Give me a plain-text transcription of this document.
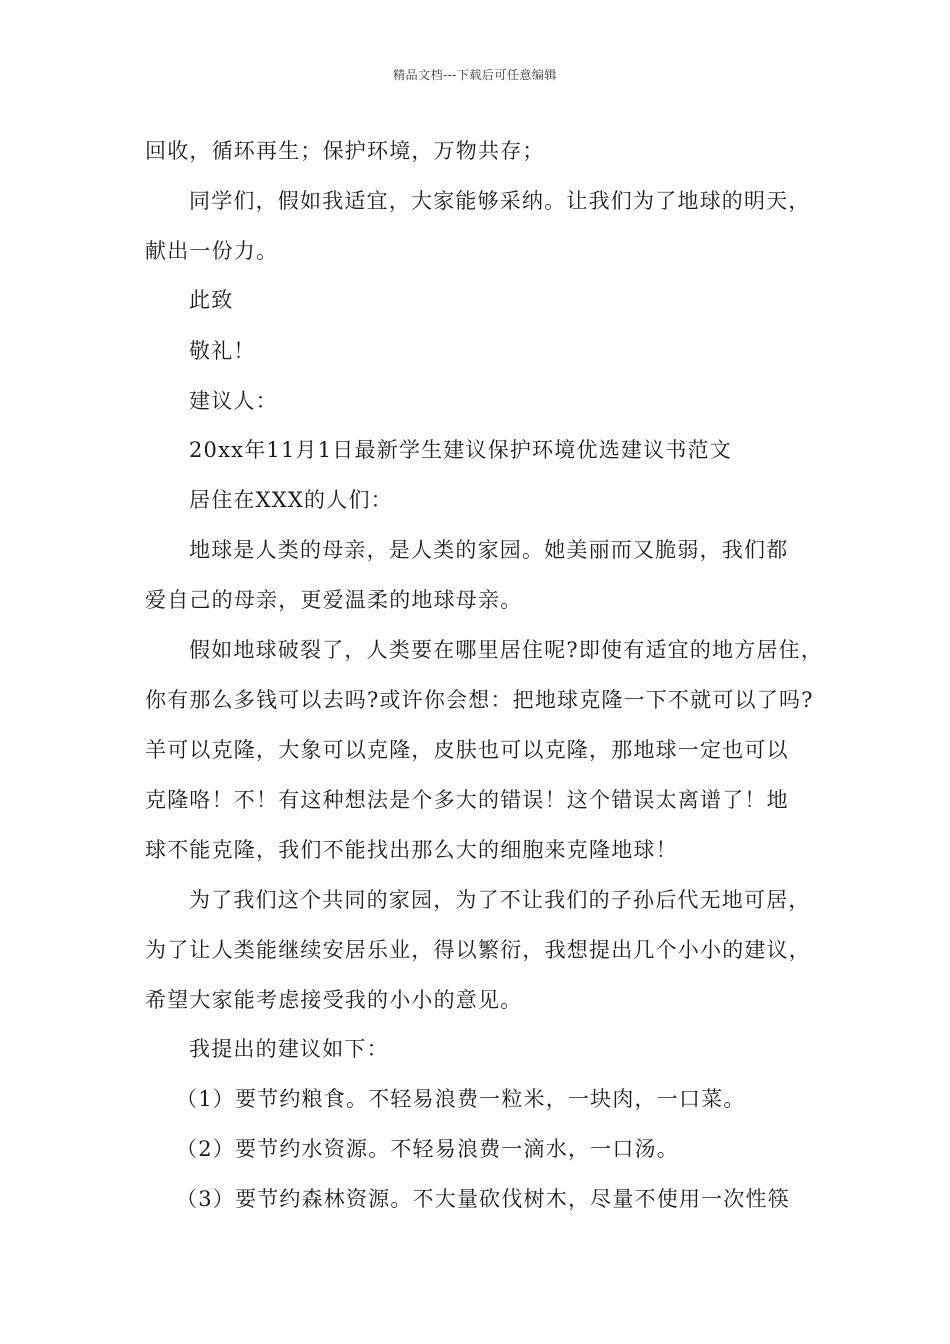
精品文档---下载后可任意编辑
回收，循环再生；保护环境，万物共存；
同学们，假如我适宜，大家能够采纳。让我们为了地球的明天，
献出一份力。
此致
敬礼！
建议人：
20xx年11月1日最新学生建议保护环境优选建议书范文
居住在XXX的人们：
地球是人类的母亲，是人类的家园。她美丽而又脆弱，我们都
爱自己的母亲，更爱温柔的地球母亲。
假如地球破裂了，人类要在哪里居住呢?即使有适宜的地方居住，
你有那么多钱可以去吗?或许你会想：把地球克隆一下不就可以了吗?
羊可以克隆，大象可以克隆，皮肤也可以克隆，那地球一定也可以
克隆咯！不！有这种想法是个多大的错误！这个错误太离谱了！地
球不能克隆，我们不能找出那么大的细胞来克隆地球！
为了我们这个共同的家园，为了不让我们的子孙后代无地可居，
为了让人类能继续安居乐业，得以繁衍，我想提出几个小小的建议，
希望大家能考虑接受我的小小的意见。
我提出的建议如下：
（1）要节约粮食。不轻易浪费一粒米，一块肉，一口菜。
（2）要节约水资源。不轻易浪费一滴水，一口汤。
（3）要节约森林资源。不大量砍伐树木，尽量不使用一次性筷
